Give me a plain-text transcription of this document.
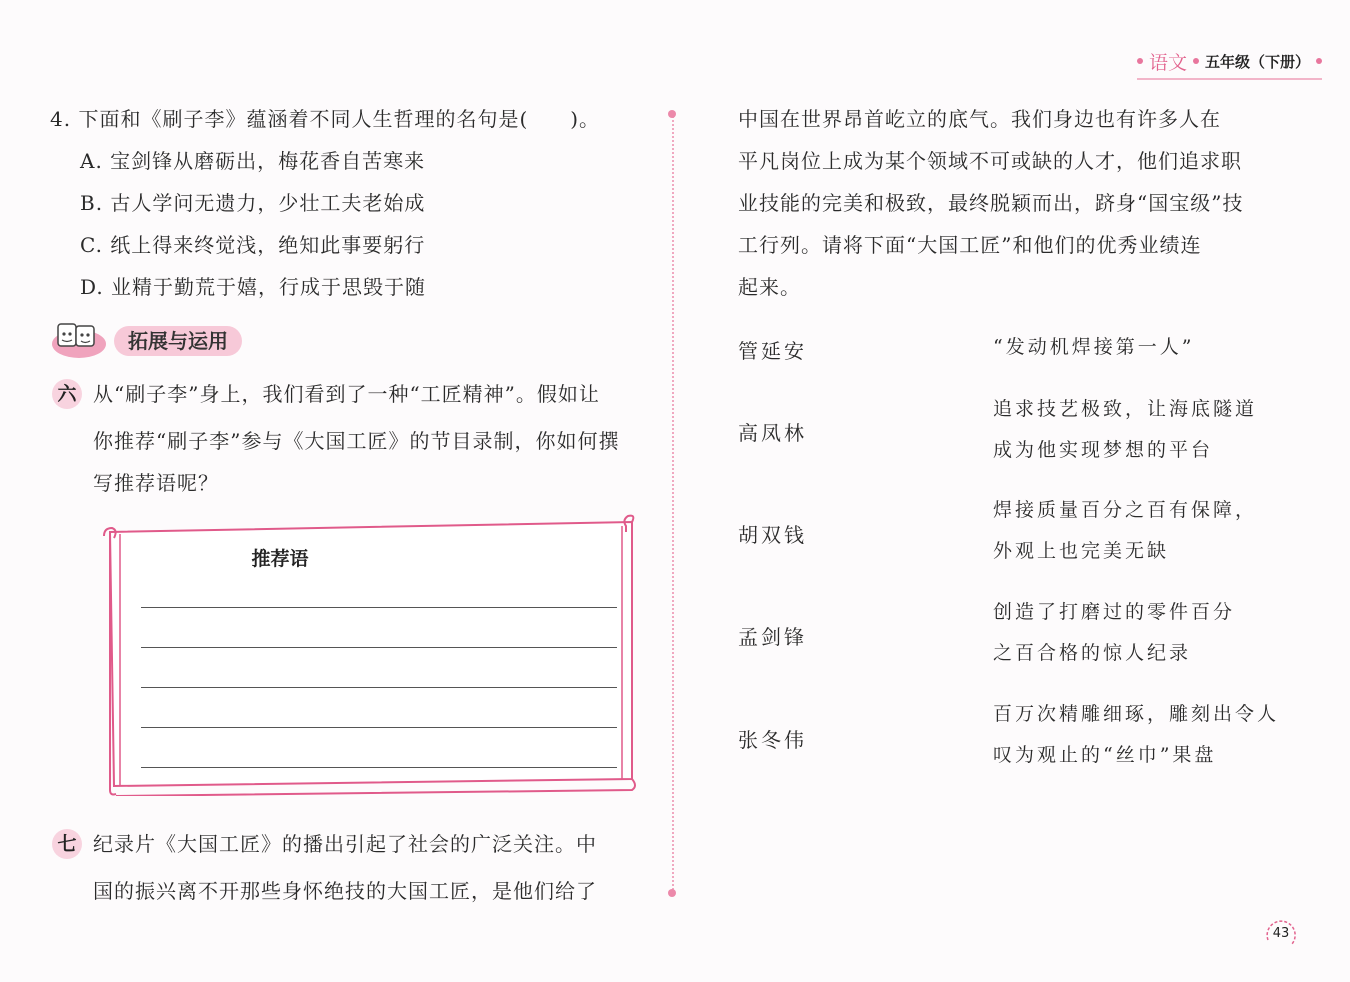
语文 五年级（下册）
4. 下面和《刷子李》蕴涵着不同人生哲理的名句是(　　)。
A. 宝剑锋从磨砺出，梅花香自苦寒来
B. 古人学问无遗力，少壮工夫老始成
C. 纸上得来终觉浅，绝知此事要躬行
D. 业精于勤荒于嬉，行成于思毁于随
拓展与运用
六 从“刷子李”身上，我们看到了一种“工匠精神”。假如让
你推荐“刷子李”参与《大国工匠》的节目录制，你如何撰
写推荐语呢？
推荐语
七 纪录片《大国工匠》的播出引起了社会的广泛关注。中
国的振兴离不开那些身怀绝技的大国工匠，是他们给了
中国在世界昂首屹立的底气。我们身边也有许多人在
平凡岗位上成为某个领域不可或缺的人才，他们追求职
业技能的完美和极致，最终脱颖而出，跻身“国宝级”技
工行列。请将下面“大国工匠”和他们的优秀业绩连
起来。
管延安
高凤林
胡双钱
孟剑锋
张冬伟
“发动机焊接第一人”
追求技艺极致，让海底隧道
成为他实现梦想的平台
焊接质量百分之百有保障，
外观上也完美无缺
创造了打磨过的零件百分
之百合格的惊人纪录
百万次精雕细琢，雕刻出令人
叹为观止的“丝巾”果盘
43
